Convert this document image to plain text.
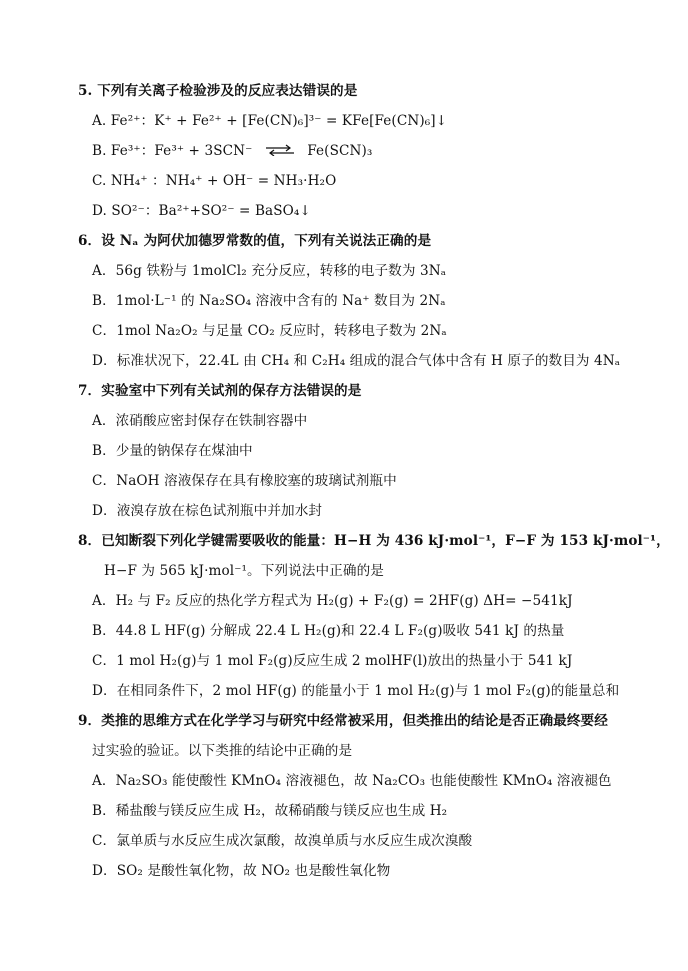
5. 下列有关离子检验涉及的反应表达错误的是
A. Fe²⁺：K⁺ + Fe²⁺ + [Fe(CN)₆]³⁻ = KFe[Fe(CN)₆]↓
B. Fe³⁺：Fe³⁺ + 3SCN⁻ ⇌ Fe(SCN)₃
C. NH₄⁺ ：NH₄⁺ + OH⁻ = NH₃·H₂O
D. SO²⁻：Ba²⁺+SO²⁻ = BaSO₄↓
6．设 Nₐ 为阿伏加德罗常数的值，下列有关说法正确的是
A．56g 铁粉与 1molCl₂ 充分反应，转移的电子数为 3Nₐ
B．1mol·L⁻¹ 的 Na₂SO₄ 溶液中含有的 Na⁺ 数目为 2Nₐ
C．1mol Na₂O₂ 与足量 CO₂ 反应时，转移电子数为 2Nₐ
D．标准状况下，22.4L 由 CH₄ 和 C₂H₄ 组成的混合气体中含有 H 原子的数目为 4Nₐ
7．实验室中下列有关试剂的保存方法错误的是
A．浓硝酸应密封保存在铁制容器中
B．少量的钠保存在煤油中
C．NaOH 溶液保存在具有橡胶塞的玻璃试剂瓶中
D．液溴存放在棕色试剂瓶中并加水封
8．已知断裂下列化学键需要吸收的能量：H−H 为 436 kJ·mol⁻¹，F−F 为 153 kJ·mol⁻¹，
H−F 为 565 kJ·mol⁻¹。下列说法中正确的是
A．H₂ 与 F₂ 反应的热化学方程式为 H₂(g) + F₂(g) = 2HF(g) ΔH= −541kJ
B．44.8 L HF(g) 分解成 22.4 L H₂(g)和 22.4 L F₂(g)吸收 541 kJ 的热量
C．1 mol H₂(g)与 1 mol F₂(g)反应生成 2 molHF(l)放出的热量小于 541 kJ
D．在相同条件下，2 mol HF(g) 的能量小于 1 mol H₂(g)与 1 mol F₂(g)的能量总和
9．类推的思维方式在化学学习与研究中经常被采用，但类推出的结论是否正确最终要经
过实验的验证。以下类推的结论中正确的是
A．Na₂SO₃ 能使酸性 KMnO₄ 溶液褪色，故 Na₂CO₃ 也能使酸性 KMnO₄ 溶液褪色
B．稀盐酸与镁反应生成 H₂，故稀硝酸与镁反应也生成 H₂
C．氯单质与水反应生成次氯酸，故溴单质与水反应生成次溴酸
D．SO₂ 是酸性氧化物，故 NO₂ 也是酸性氧化物
